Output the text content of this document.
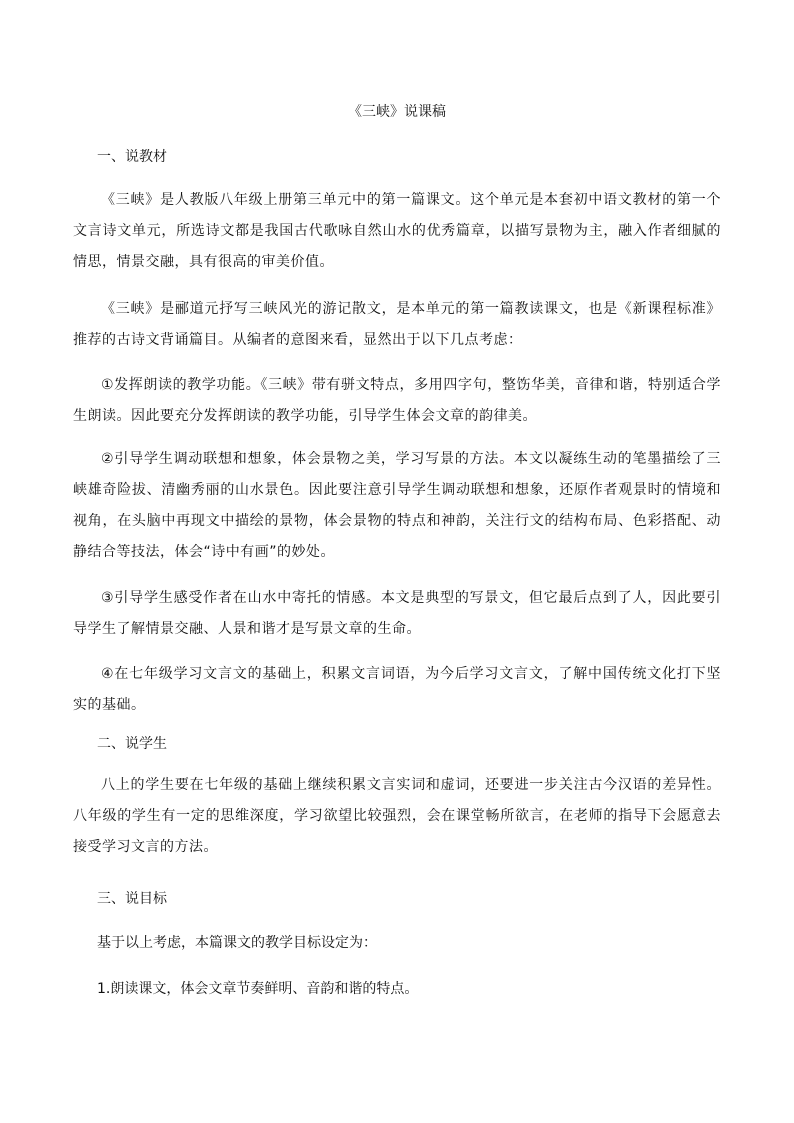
《三峡》说课稿
一、说教材
《三峡》是人教版八年级上册第三单元中的第一篇课文。这个单元是本套初中语文教材的第一个文言诗文单元，所选诗文都是我国古代歌咏自然山水的优秀篇章，以描写景物为主，融入作者细腻的情思，情景交融，具有很高的审美价值。
《三峡》是郦道元抒写三峡风光的游记散文，是本单元的第一篇教读课文，也是《新课程标准》推荐的古诗文背诵篇目。从编者的意图来看，显然出于以下几点考虑：
①发挥朗读的教学功能。《三峡》带有骈文特点，多用四字句，整饬华美，音律和谐，特别适合学生朗读。因此要充分发挥朗读的教学功能，引导学生体会文章的韵律美。
②引导学生调动联想和想象，体会景物之美，学习写景的方法。本文以凝练生动的笔墨描绘了三峡雄奇险拔、清幽秀丽的山水景色。因此要注意引导学生调动联想和想象，还原作者观景时的情境和视角，在头脑中再现文中描绘的景物，体会景物的特点和神韵，关注行文的结构布局、色彩搭配、动静结合等技法，体会“诗中有画”的妙处。
③引导学生感受作者在山水中寄托的情感。本文是典型的写景文，但它最后点到了人，因此要引导学生了解情景交融、人景和谐才是写景文章的生命。
④在七年级学习文言文的基础上，积累文言词语，为今后学习文言文，了解中国传统文化打下坚实的基础。
二、说学生
八上的学生要在七年级的基础上继续积累文言实词和虚词，还要进一步关注古今汉语的差异性。八年级的学生有一定的思维深度，学习欲望比较强烈，会在课堂畅所欲言，在老师的指导下会愿意去接受学习文言的方法。
三、说目标
基于以上考虑，本篇课文的教学目标设定为：
1.朗读课文，体会文章节奏鲜明、音韵和谐的特点。
